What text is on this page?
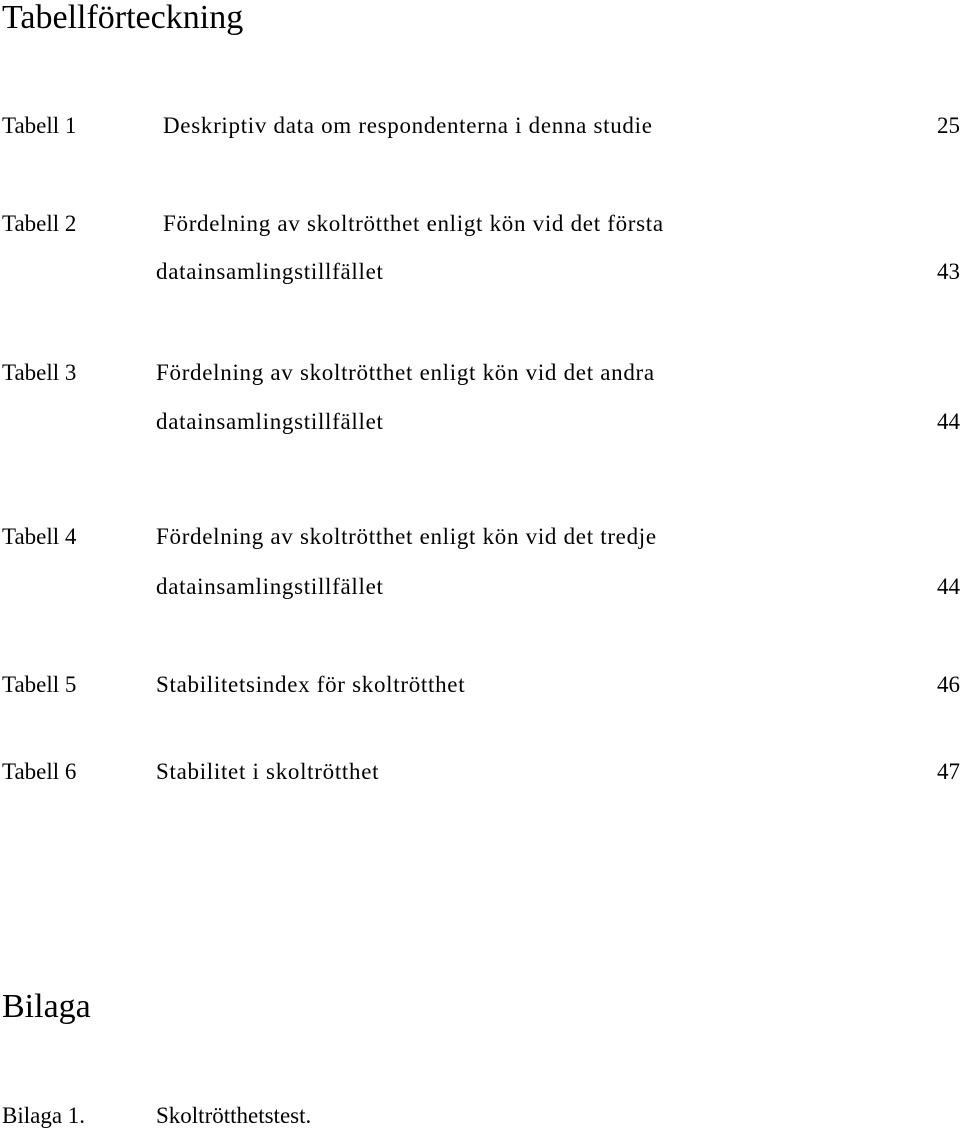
Tabellförteckning
Tabell 1	Deskriptiv data om respondenterna i denna studie	25
Tabell 2	Fördelning av skoltrötthet enligt kön vid det första
datainsamlingstillfället	43
Tabell 3	Fördelning av skoltrötthet enligt kön vid det andra
datainsamlingstillfället	44
Tabell 4	Fördelning av skoltrötthet enligt kön vid det tredje
datainsamlingstillfället	44
Tabell 5	Stabilitetsindex för skoltrötthet	46
Tabell 6	Stabilitet i skoltrötthet	47
Bilaga
Bilaga 1.	Skoltrötthetstest.
